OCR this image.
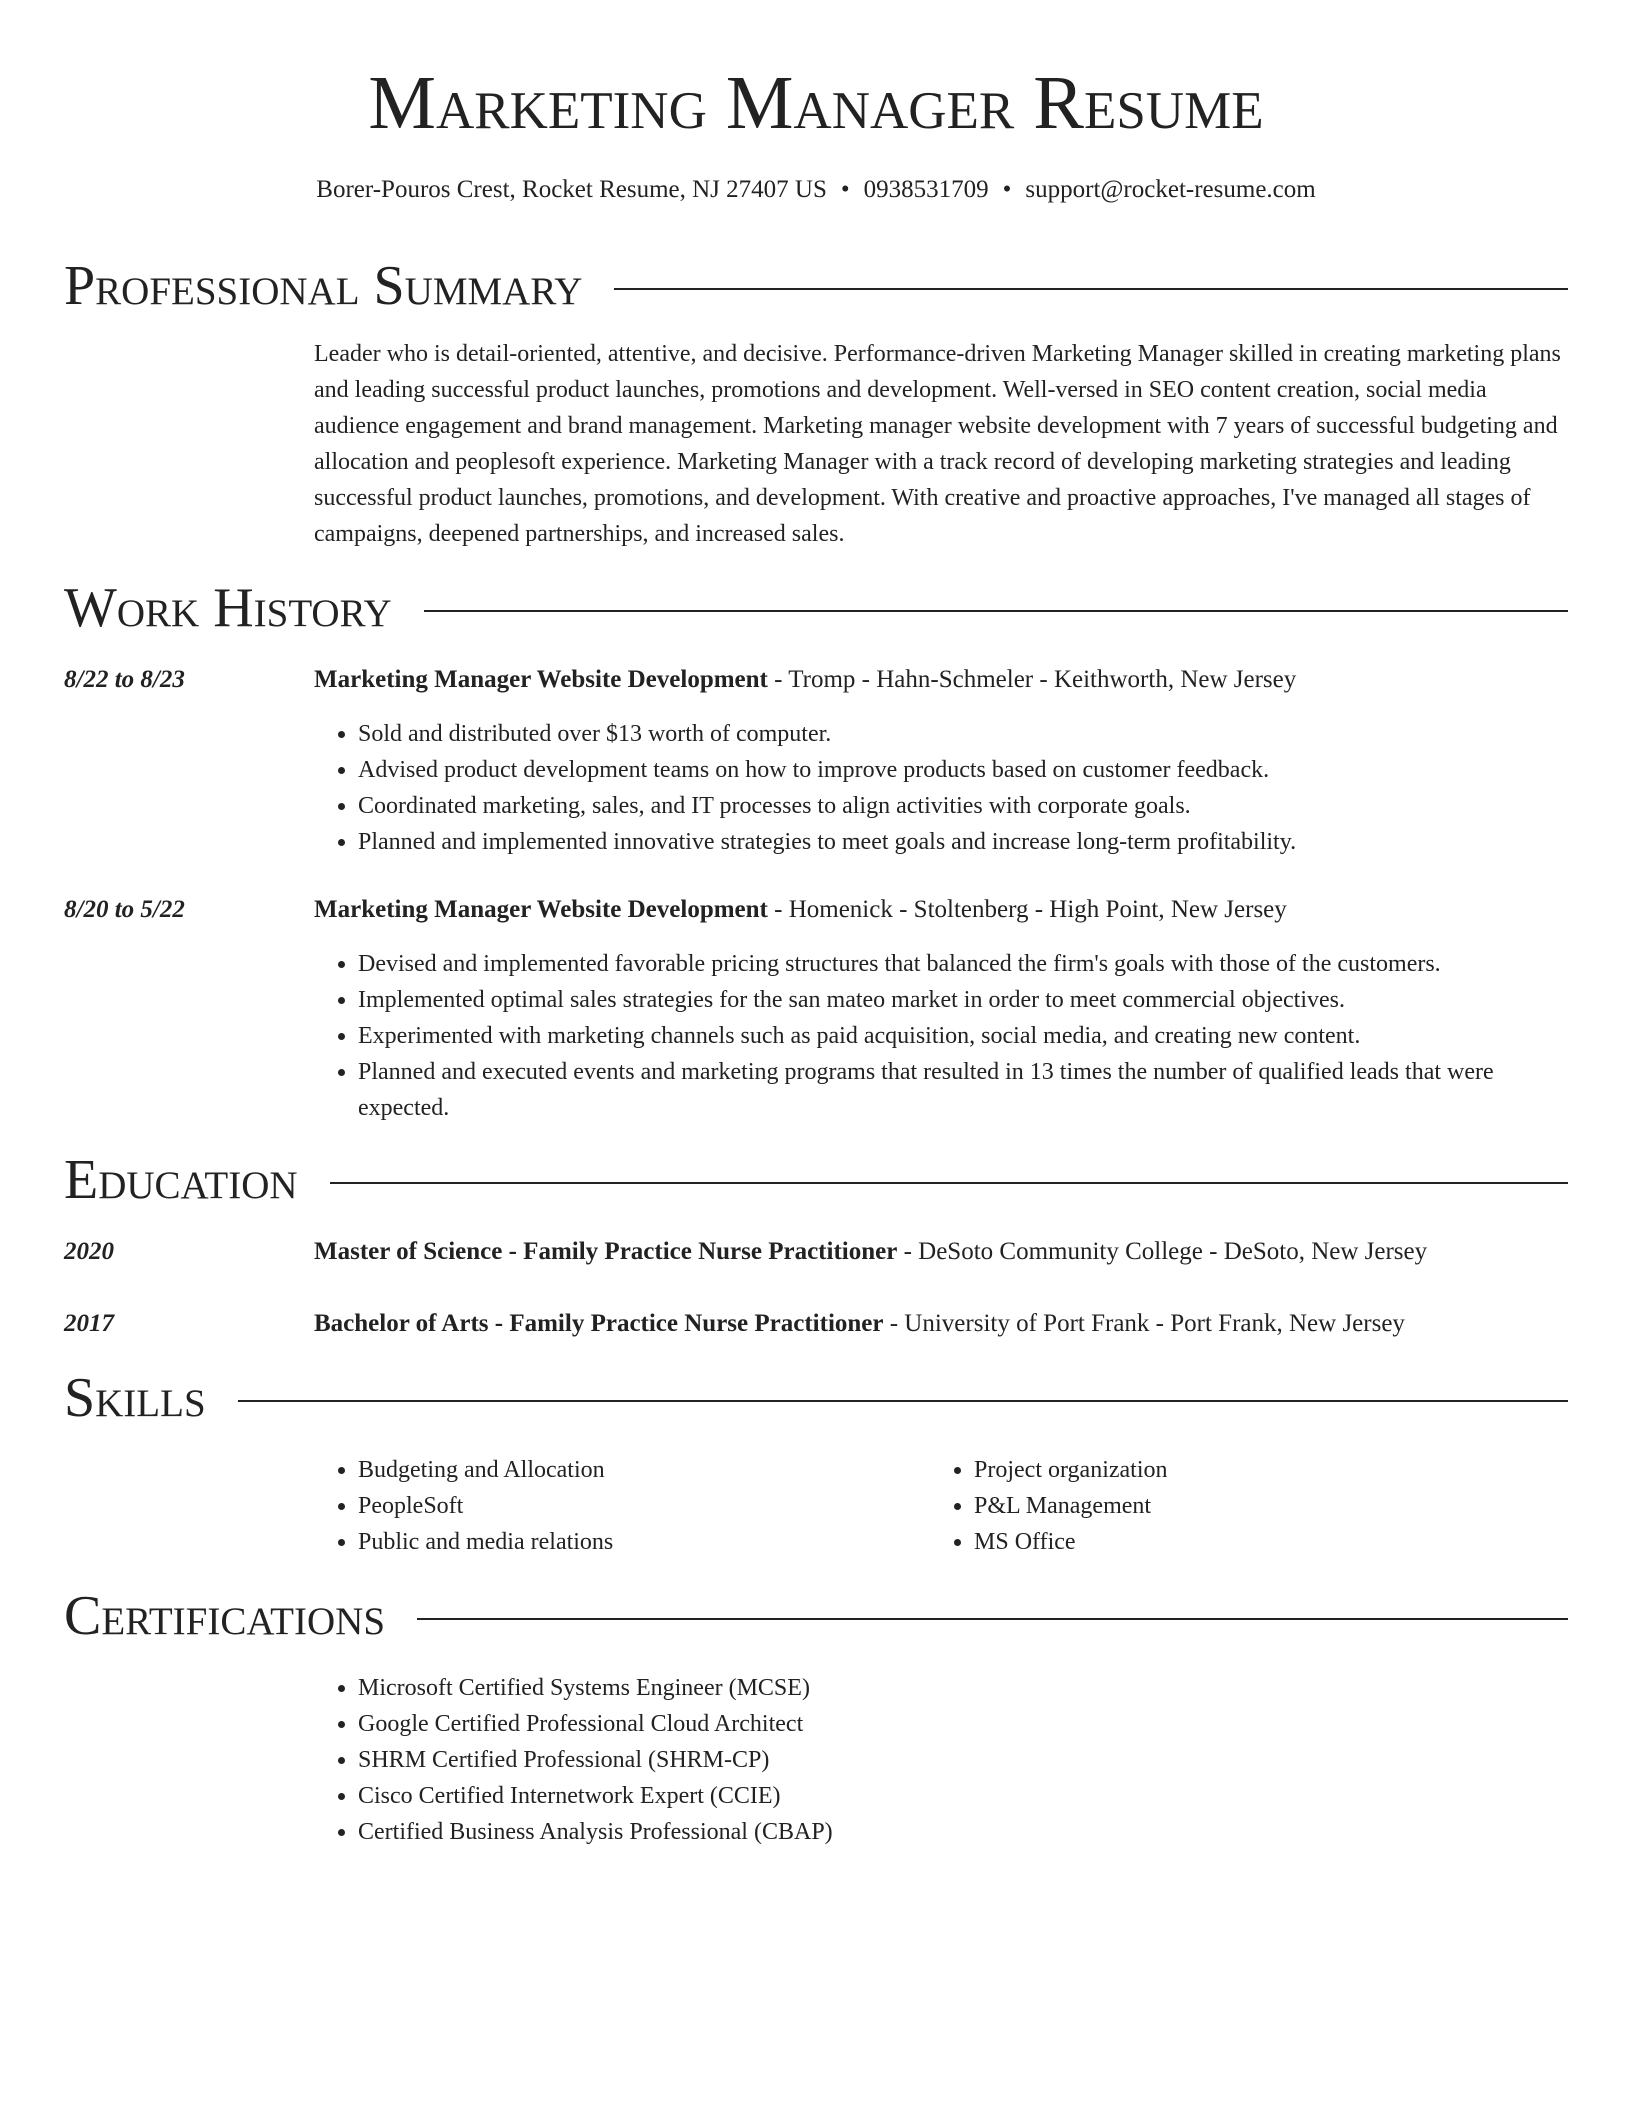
Marketing Manager Resume
Borer-Pouros Crest, Rocket Resume, NJ 27407 US • 0938531709 • support@rocket-resume.com
Professional Summary

Leader who is detail-oriented, attentive, and decisive. Performance-driven Marketing Manager skilled in creating marketing plans and leading successful product launches, promotions and development. Well-versed in SEO content creation, social media audience engagement and brand management. Marketing manager website development with 7 years of successful budgeting and allocation and peoplesoft experience. Marketing Manager with a track record of developing marketing strategies and leading successful product launches, promotions, and development. With creative and proactive approaches, I've managed all stages of campaigns, deepened partnerships, and increased sales.

Work History
8/22 to 8/23	Marketing Manager Website Development - Tromp - Hahn-Schmeler - Keithworth, New Jersey
• Sold and distributed over $13 worth of computer.
• Advised product development teams on how to improve products based on customer feedback.
• Coordinated marketing, sales, and IT processes to align activities with corporate goals.
• Planned and implemented innovative strategies to meet goals and increase long-term profitability.
8/20 to 5/22	Marketing Manager Website Development - Homenick - Stoltenberg - High Point, New Jersey
• Devised and implemented favorable pricing structures that balanced the firm's goals with those of the customers.
• Implemented optimal sales strategies for the san mateo market in order to meet commercial objectives.
• Experimented with marketing channels such as paid acquisition, social media, and creating new content.
• Planned and executed events and marketing programs that resulted in 13 times the number of qualified leads that were expected.
Education
2020	Master of Science - Family Practice Nurse Practitioner - DeSoto Community College - DeSoto, New Jersey
2017	Bachelor of Arts - Family Practice Nurse Practitioner - University of Port Frank - Port Frank, New Jersey
Skills
• Budgeting and Allocation
• PeopleSoft
• Public and media relations
• Project organization
• P&L Management
• MS Office
Certifications
• Microsoft Certified Systems Engineer (MCSE)
• Google Certified Professional Cloud Architect
• SHRM Certified Professional (SHRM-CP)
• Cisco Certified Internetwork Expert (CCIE)
• Certified Business Analysis Professional (CBAP)
